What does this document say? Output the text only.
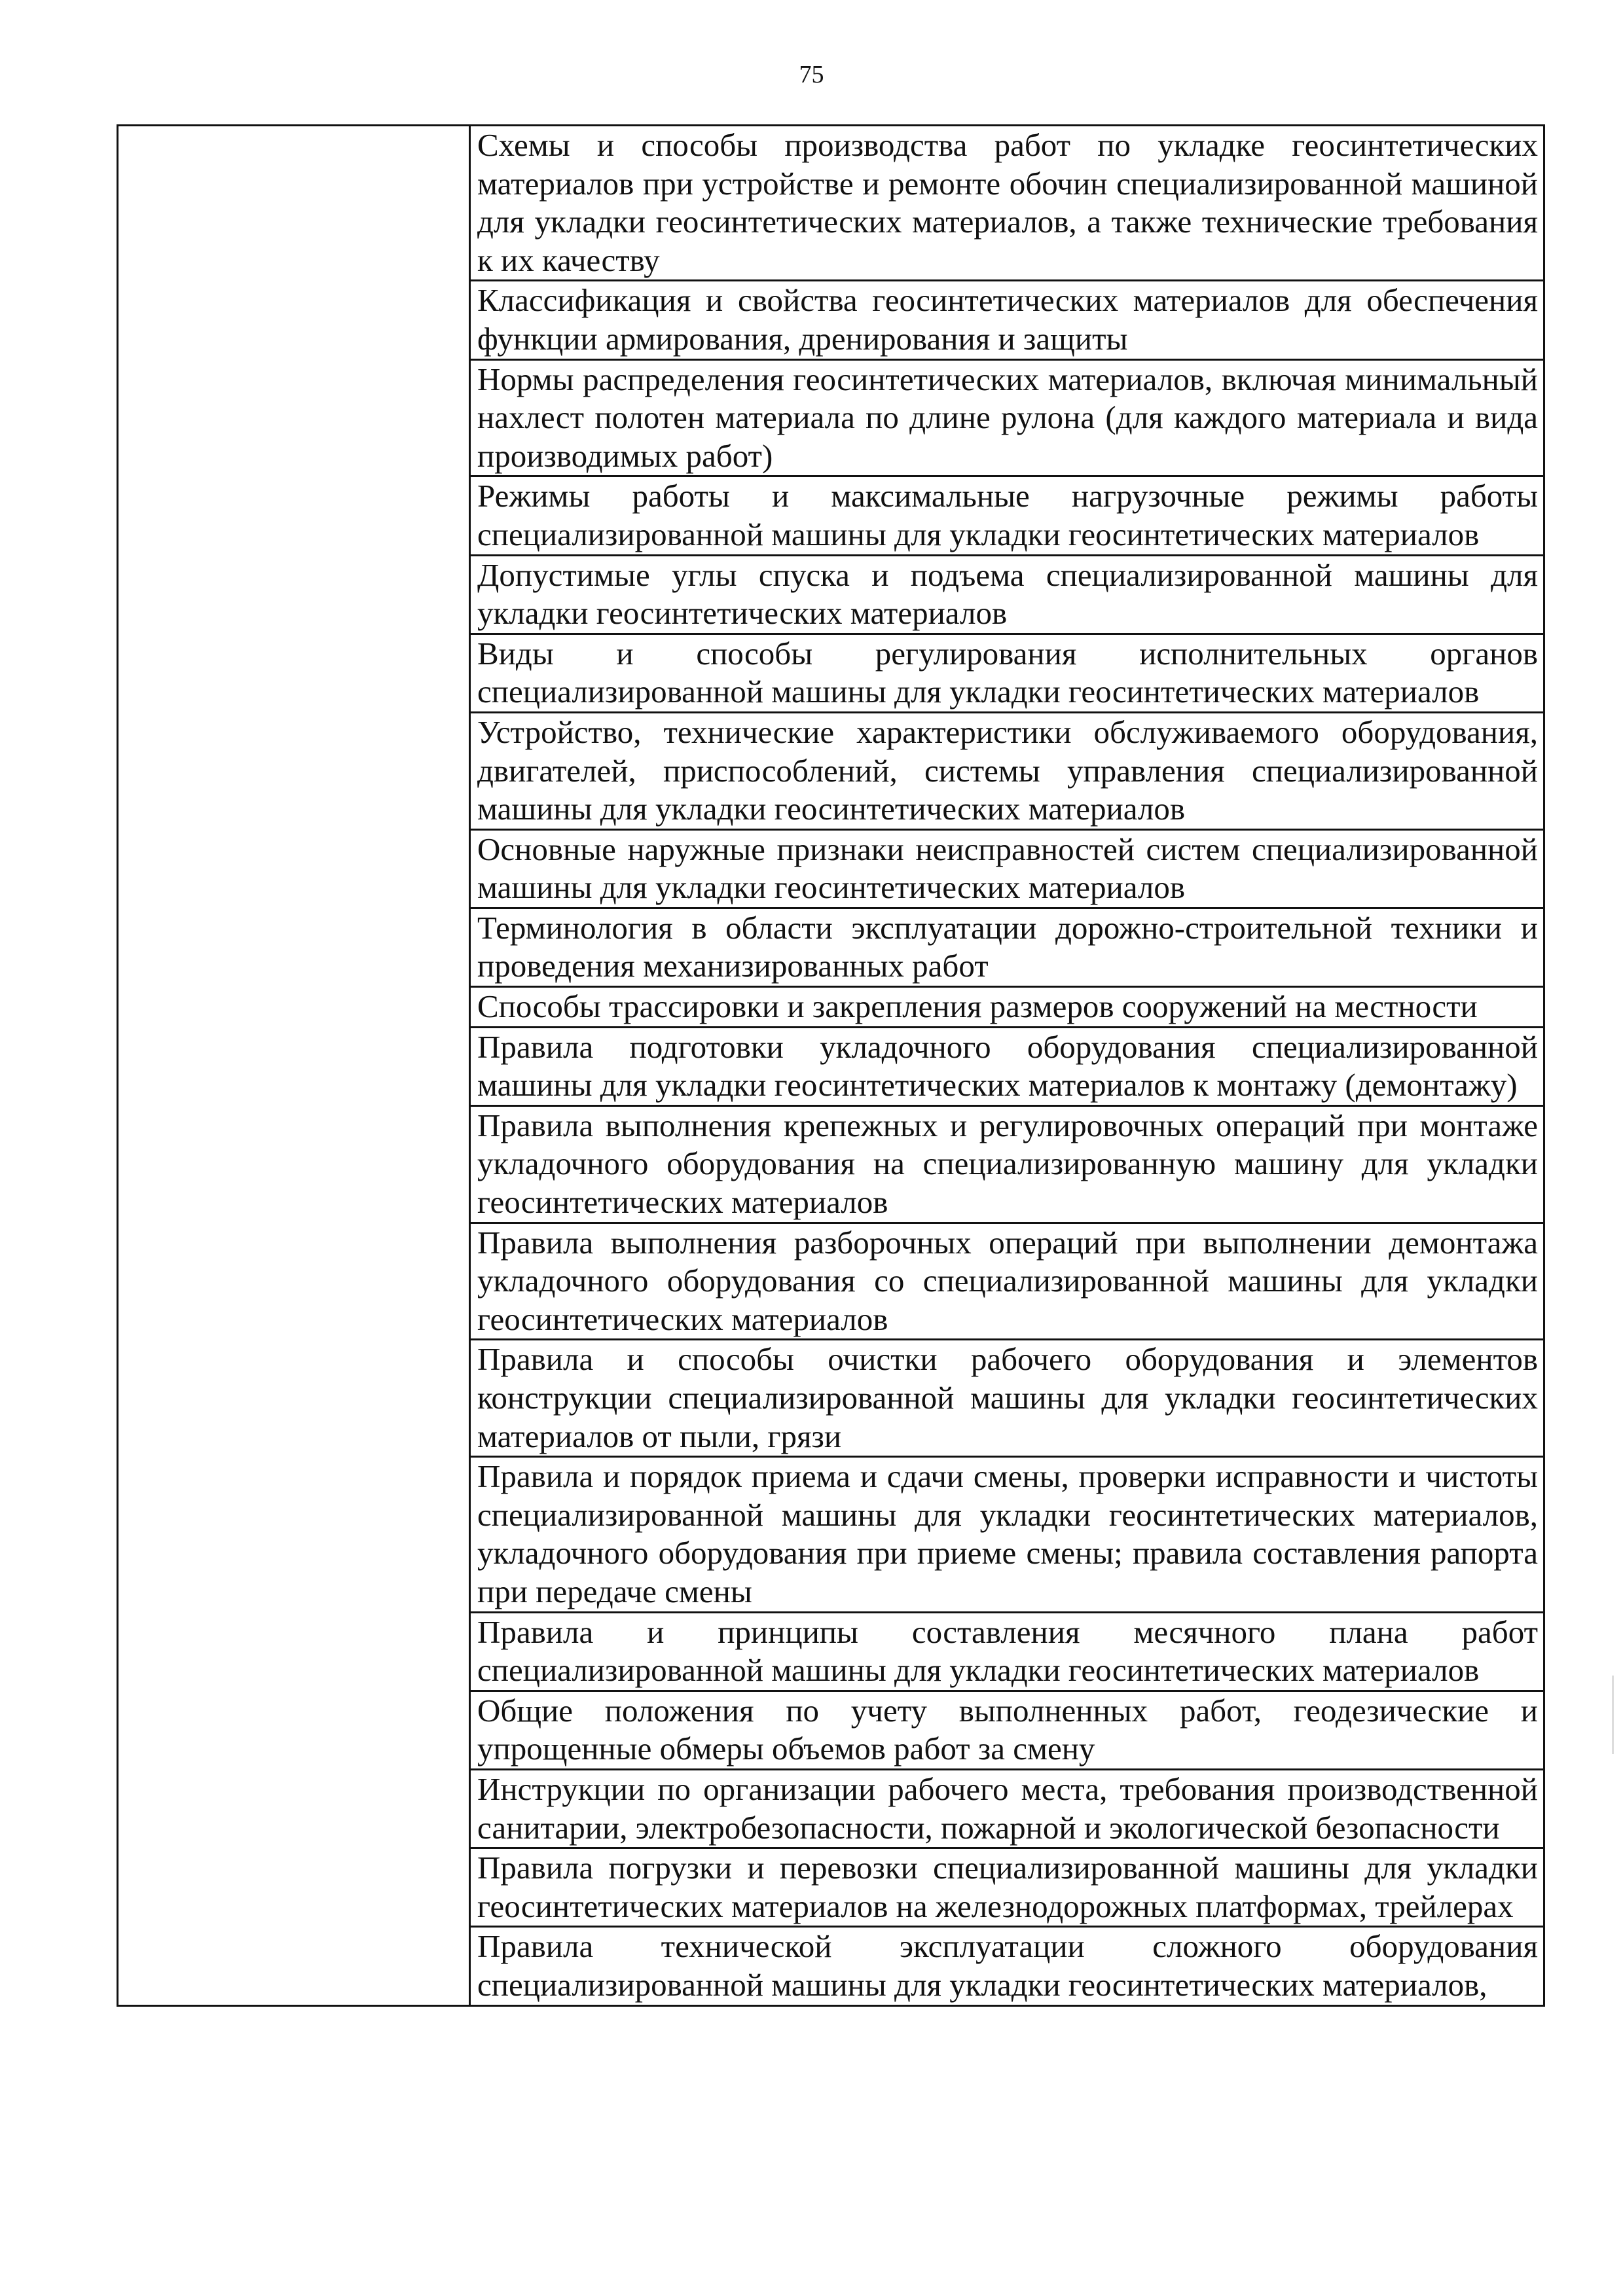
75
	Схемы и способы производства работ по укладке геосинтетических материалов при устройстве и ремонте обочин специализированной машиной для укладки геосинтетических материалов, а также технические требования к их качеству
Классификация и свойства геосинтетических материалов для обеспечения функции армирования, дренирования и защиты
Нормы распределения геосинтетических материалов, включая минимальный нахлест полотен материала по длине рулона (для каждого материала и вида производимых работ)
Режимы работы и максимальные нагрузочные режимы работы специализированной машины для укладки геосинтетических материалов
Допустимые углы спуска и подъема специализированной машины для укладки геосинтетических материалов
Виды и способы регулирования исполнительных органов специализированной машины для укладки геосинтетических материалов
Устройство, технические характеристики обслуживаемого оборудования, двигателей, приспособлений, системы управления специализированной машины для укладки геосинтетических материалов
Основные наружные признаки неисправностей систем специализированной машины для укладки геосинтетических материалов
Терминология в области эксплуатации дорожно-строительной техники и проведения механизированных работ
Способы трассировки и закрепления размеров сооружений на местности
Правила подготовки укладочного оборудования специализированной машины для укладки геосинтетических материалов к монтажу (демонтажу)
Правила выполнения крепежных и регулировочных операций при монтаже укладочного оборудования на специализированную машину для укладки геосинтетических материалов
Правила выполнения разборочных операций при выполнении демонтажа укладочного оборудования со специализированной машины для укладки геосинтетических материалов
Правила и способы очистки рабочего оборудования и элементов конструкции специализированной машины для укладки геосинтетических материалов от пыли, грязи
Правила и порядок приема и сдачи смены, проверки исправности и чистоты специализированной машины для укладки геосинтетических материалов, укладочного оборудования при приеме смены; правила составления рапорта при передаче смены
Правила и принципы составления месячного плана работ специализированной машины для укладки геосинтетических материалов
Общие положения по учету выполненных работ, геодезические и упрощенные обмеры объемов работ за смену
Инструкции по организации рабочего места, требования производственной санитарии, электробезопасности, пожарной и экологической безопасности
Правила погрузки и перевозки специализированной машины для укладки геосинтетических материалов на железнодорожных платформах, трейлерах
Правила технической эксплуатации сложного оборудования специализированной машины для укладки геосинтетических материалов,
